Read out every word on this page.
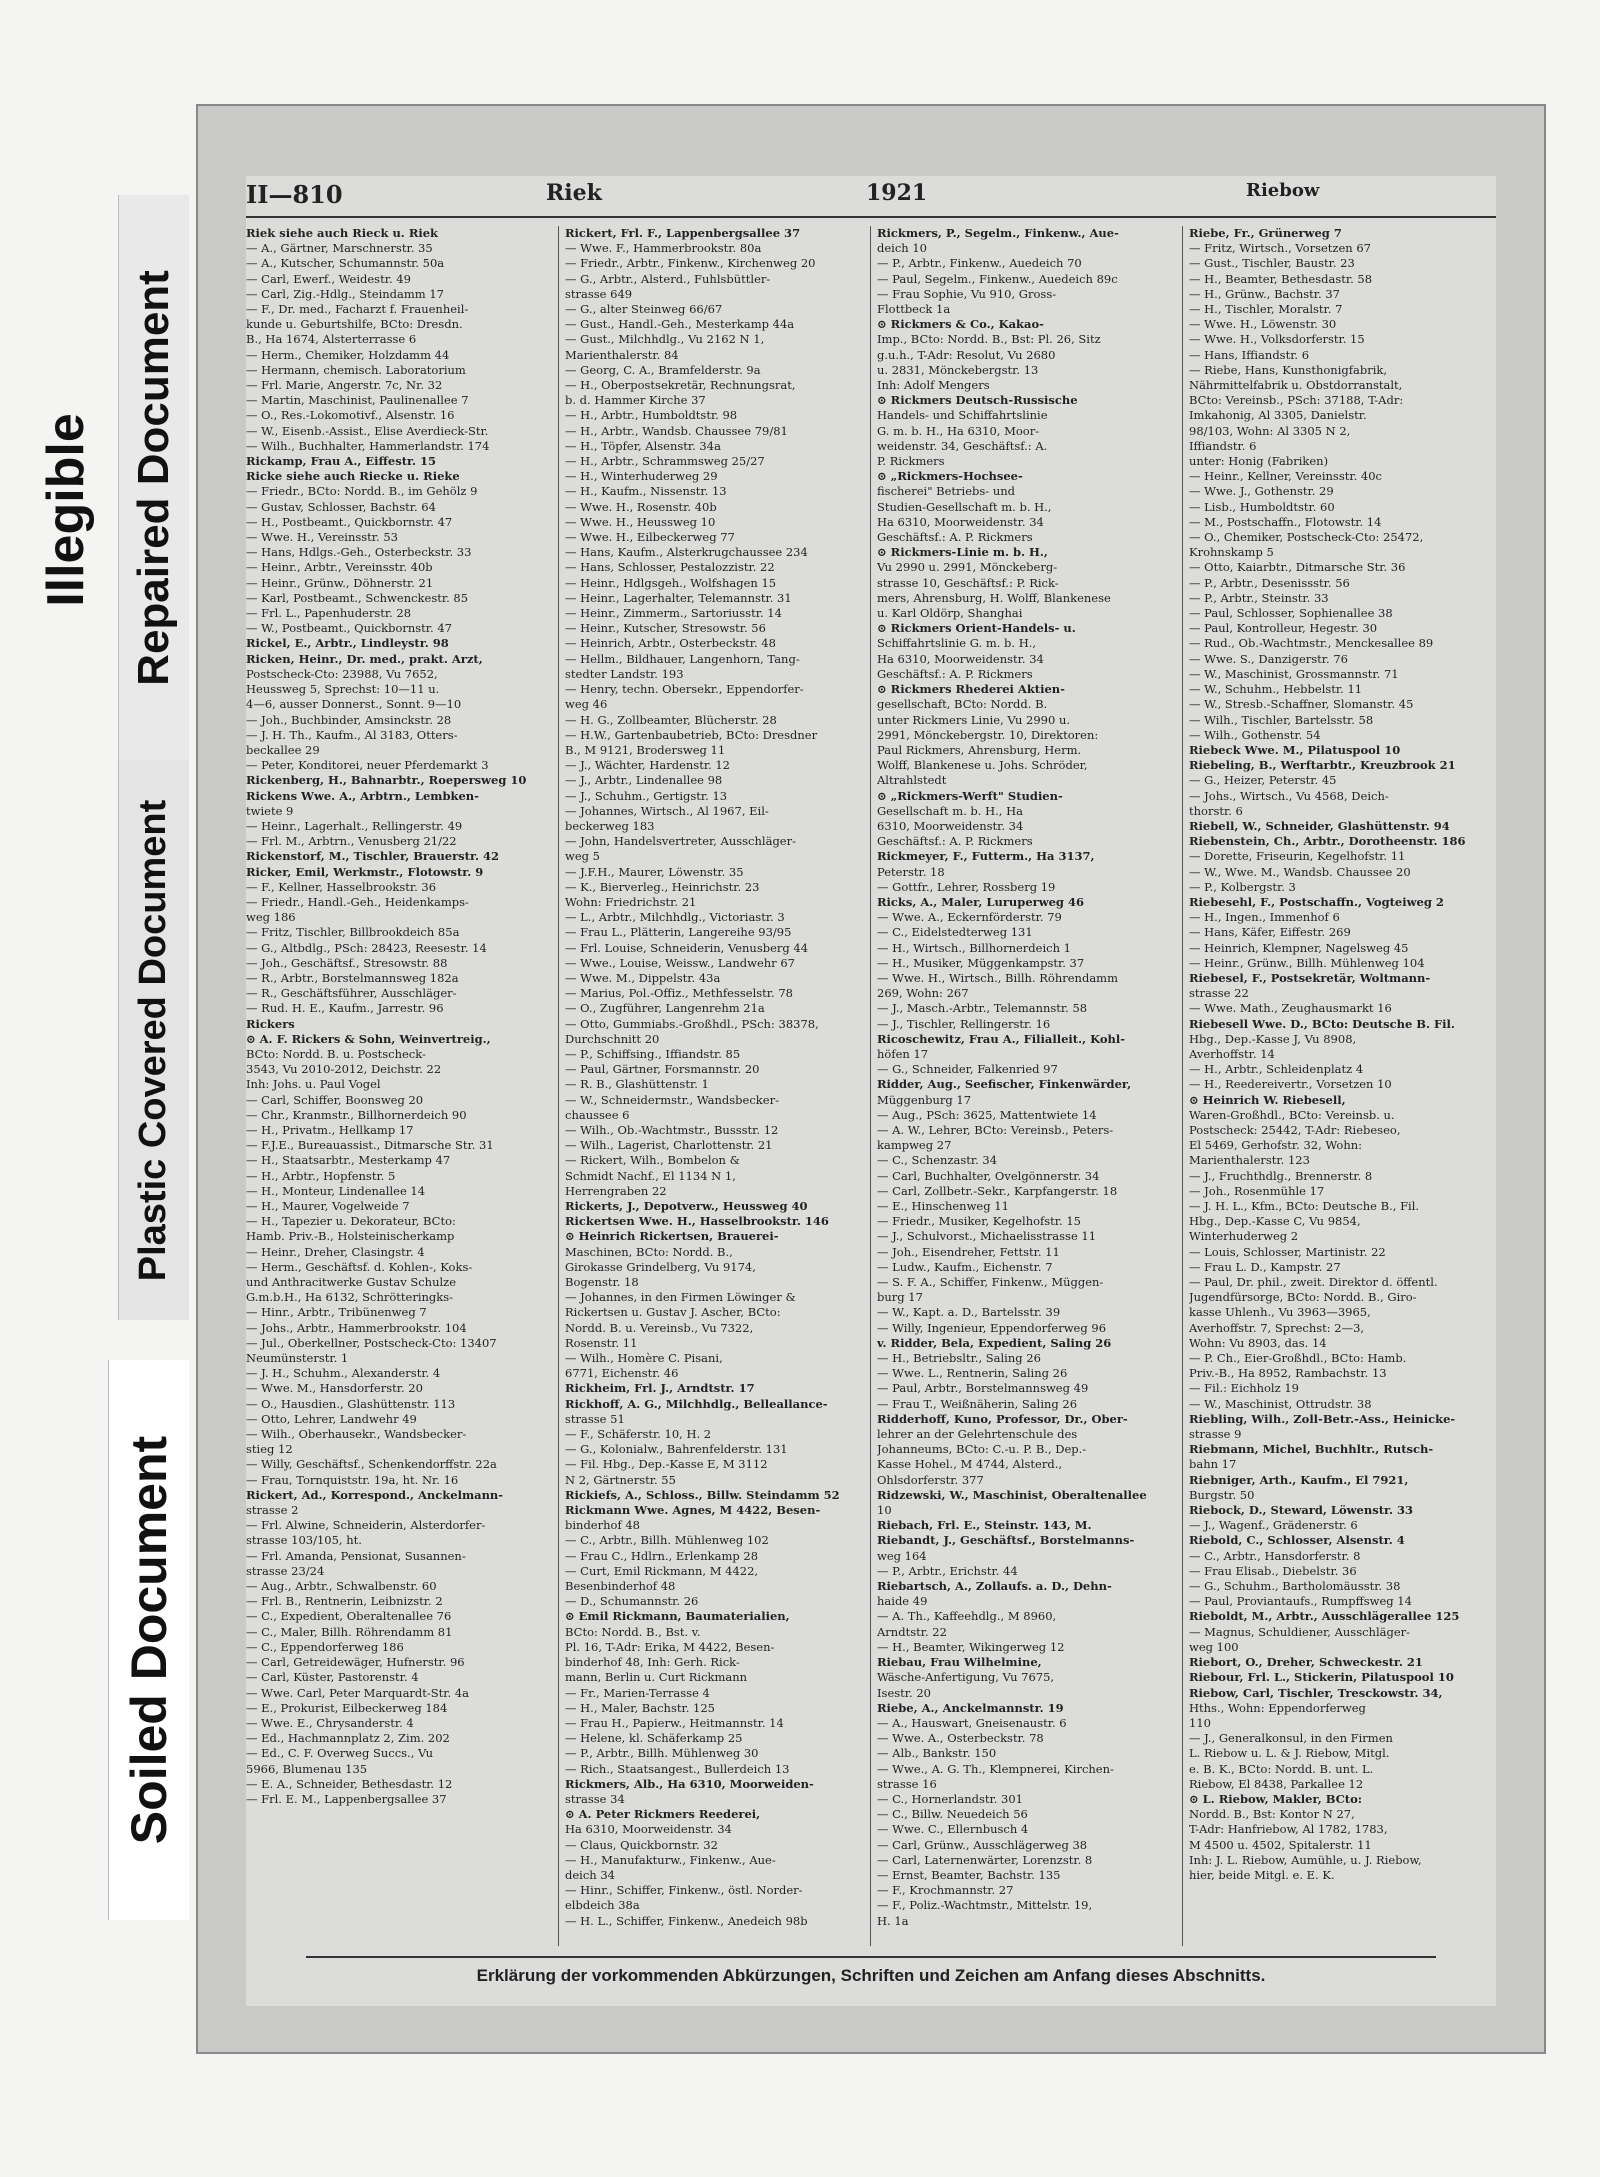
Illegible Repaired Document
Plastic Covered Document
Soiled Document
II—810	Riek	1921	Riebow
Riek siehe auch Rieck u. Riek
— A., Gärtner, Marschnerstr. 35
— A., Kutscher, Schumannstr. 50a
— Carl, Ewerf., Weidestr. 49
— Carl, Zig.-Hdlg., Steindamm 17
— F., Dr. med., Facharzt f. Frauenheil-
kunde u. Geburtshilfe, BCto: Dresdn.
B., Ha 1674, Alsterterrasse 6
— Herm., Chemiker, Holzdamm 44
— Hermann, chemisch. Laboratorium
— Frl. Marie, Angerstr. 7c, Nr. 32
— Martin, Maschinist, Paulinenallee 7
— O., Res.-Lokomotivf., Alsenstr. 16
— W., Eisenb.-Assist., Elise Averdieck-Str.
— Wilh., Buchhalter, Hammerlandstr. 174
Rickamp, Frau A., Eiffestr. 15
Ricke siehe auch Riecke u. Rieke
— Friedr., BCto: Nordd. B., im Gehölz 9
— Gustav, Schlosser, Bachstr. 64
— H., Postbeamt., Quickbornstr. 47
— Wwe. H., Vereinsstr. 53
— Hans, Hdlgs.-Geh., Osterbeckstr. 33
— Heinr., Arbtr., Vereinsstr. 40b
— Heinr., Grünw., Döhnerstr. 21
— Karl, Postbeamt., Schwenckestr. 85
— Frl. L., Papenhuderstr. 28
— W., Postbeamt., Quickbornstr. 47
Rickel, E., Arbtr., Lindleystr. 98
Ricken, Heinr., Dr. med., prakt. Arzt,
Postscheck-Cto: 23988, Vu 7652,
Heussweg 5, Sprechst: 10—11 u.
4—6, ausser Donnerst., Sonnt. 9—10
— Joh., Buchbinder, Amsinckstr. 28
— J. H. Th., Kaufm., Al 3183, Otters-
beckallee 29
— Peter, Konditorei, neuer Pferdemarkt 3
Rickenberg, H., Bahnarbtr., Roepersweg 10
Rickens Wwe. A., Arbtrn., Lembken-
twiete 9
— Heinr., Lagerhalt., Rellingerstr. 49
— Frl. M., Arbtrn., Venusberg 21/22
Rickenstorf, M., Tischler, Brauerstr. 42
Ricker, Emil, Werkmstr., Flotowstr. 9
— F., Kellner, Hasselbrookstr. 36
— Friedr., Handl.-Geh., Heidenkamps-
weg 186
— Fritz, Tischler, Billbrookdeich 85a
— G., Altbdlg., PSch: 28423, Reesestr. 14
— Joh., Geschäftsf., Stresowstr. 88
— R., Arbtr., Borstelmannsweg 182a
— R., Geschäftsführer, Ausschläger-
— Rud. H. E., Kaufm., Jarrestr. 96
Rickers
⊙ A. F. Rickers & Sohn, Weinvertreig.,
BCto: Nordd. B. u. Postscheck-
3543, Vu 2010-2012, Deichstr. 22
Inh: Johs. u. Paul Vogel
— Carl, Schiffer, Boonsweg 20
— Chr., Kranmstr., Billhornerdeich 90
— H., Privatm., Hellkamp 17
— F.J.E., Bureauassist., Ditmarsche Str. 31
— H., Staatsarbtr., Mesterkamp 47
— H., Arbtr., Hopfenstr. 5
— H., Monteur, Lindenallee 14
— H., Maurer, Vogelweide 7
— H., Tapezier u. Dekorateur, BCto:
Hamb. Priv.-B., Holsteinischerkamp
— Heinr., Dreher, Clasingstr. 4
— Herm., Geschäftsf. d. Kohlen-, Koks-
und Anthracitwerke Gustav Schulze
G.m.b.H., Ha 6132, Schrötteringks-
— Hinr., Arbtr., Tribünenweg 7
— Johs., Arbtr., Hammerbrookstr. 104
— Jul., Oberkellner, Postscheck-Cto: 13407
Neumünsterstr. 1
— J. H., Schuhm., Alexanderstr. 4
— Wwe. M., Hansdorferstr. 20
— O., Hausdien., Glashüttenstr. 113
— Otto, Lehrer, Landwehr 49
— Wilh., Oberhausekr., Wandsbecker-
stieg 12
— Willy, Geschäftsf., Schenkendorffstr. 22a
— Frau, Tornquiststr. 19a, ht. Nr. 16
Rickert, Ad., Korrespond., Anckelmann-
strasse 2
— Frl. Alwine, Schneiderin, Alsterdorfer-
strasse 103/105, ht.
— Frl. Amanda, Pensionat, Susannen-
strasse 23/24
— Aug., Arbtr., Schwalbenstr. 60
— Frl. B., Rentnerin, Leibnizstr. 2
— C., Expedient, Oberaltenallee 76
— C., Maler, Billh. Röhrendamm 81
— C., Eppendorferweg 186
— Carl, Getreidewäger, Hufnerstr. 96
— Carl, Küster, Pastorenstr. 4
— Wwe. Carl, Peter Marquardt-Str. 4a
— E., Prokurist, Eilbeckerweg 184
— Wwe. E., Chrysanderstr. 4
— Ed., Hachmannplatz 2, Zim. 202
— Ed., C. F. Overweg Succs., Vu
5966, Blumenau 135
— E. A., Schneider, Bethesdastr. 12
— Frl. E. M., Lappenbergsallee 37
Rickert, Frl. F., Lappenbergsallee 37
— Wwe. F., Hammerbrookstr. 80a
— Friedr., Arbtr., Finkenw., Kirchenweg 20
— G., Arbtr., Alsterd., Fuhlsbüttler-
strasse 649
— G., alter Steinweg 66/67
— Gust., Handl.-Geh., Mesterkamp 44a
— Gust., Milchhdlg., Vu 2162 N 1,
Marienthalerstr. 84
— Georg, C. A., Bramfelderstr. 9a
— H., Oberpostsekretär, Rechnungsrat,
b. d. Hammer Kirche 37
— H., Arbtr., Humboldtstr. 98
— H., Arbtr., Wandsb. Chaussee 79/81
— H., Töpfer, Alsenstr. 34a
— H., Arbtr., Schrammsweg 25/27
— H., Winterhuderweg 29
— H., Kaufm., Nissenstr. 13
— Wwe. H., Rosenstr. 40b
— Wwe. H., Heussweg 10
— Wwe. H., Eilbeckerweg 77
— Hans, Kaufm., Alsterkrugchaussee 234
— Hans, Schlosser, Pestalozzistr. 22
— Heinr., Hdlgsgeh., Wolfshagen 15
— Heinr., Lagerhalter, Telemannstr. 31
— Heinr., Zimmerm., Sartoriusstr. 14
— Heinr., Kutscher, Stresowstr. 56
— Heinrich, Arbtr., Osterbeckstr. 48
— Hellm., Bildhauer, Langenhorn, Tang-
stedter Landstr. 193
— Henry, techn. Obersekr., Eppendorfer-
weg 46
— H. G., Zollbeamter, Blücherstr. 28
— H.W., Gartenbaubetrieb, BCto: Dresdner
B., M 9121, Brodersweg 11
— J., Wächter, Hardenstr. 12
— J., Arbtr., Lindenallee 98
— J., Schuhm., Gertigstr. 13
— Johannes, Wirtsch., Al 1967, Eil-
beckerweg 183
— John, Handelsvertreter, Ausschläger-
weg 5
— J.F.H., Maurer, Löwenstr. 35
— K., Bierverleg., Heinrichstr. 23
Wohn: Friedrichstr. 21
— L., Arbtr., Milchhdlg., Victoriastr. 3
— Frau L., Plätterin, Langereihe 93/95
— Frl. Louise, Schneiderin, Venusberg 44
— Wwe., Louise, Weissw., Landwehr 67
— Wwe. M., Dippelstr. 43a
— Marius, Pol.-Offiz., Methfesselstr. 78
— O., Zugführer, Langenrehm 21a
— Otto, Gummiabs.-Großhdl., PSch: 38378,
Durchschnitt 20
— P., Schiffsing., Iffiandstr. 85
— Paul, Gärtner, Forsmannstr. 20
— R. B., Glashüttenstr. 1
— W., Schneidermstr., Wandsbecker-
chaussee 6
— Wilh., Ob.-Wachtmstr., Bussstr. 12
— Wilh., Lagerist, Charlottenstr. 21
— Rickert, Wilh., Bombelon &
Schmidt Nachf., El 1134 N 1,
Herrengraben 22
Rickerts, J., Depotverw., Heussweg 40
Rickertsen Wwe. H., Hasselbrookstr. 146
⊙ Heinrich Rickertsen, Brauerei-
Maschinen, BCto: Nordd. B.,
Girokasse Grindelberg, Vu 9174,
Bogenstr. 18
— Johannes, in den Firmen Löwinger &
Rickertsen u. Gustav J. Ascher, BCto:
Nordd. B. u. Vereinsb., Vu 7322,
Rosenstr. 11
— Wilh., Homère C. Pisani,
6771, Eichenstr. 46
Rickheim, Frl. J., Arndtstr. 17
Rickhoff, A. G., Milchhdlg., Belleallance-
strasse 51
— F., Schäferstr. 10, H. 2
— G., Kolonialw., Bahrenfelderstr. 131
— Fil. Hbg., Dep.-Kasse E, M 3112
N 2, Gärtnerstr. 55
Rickiefs, A., Schloss., Billw. Steindamm 52
Rickmann Wwe. Agnes, M 4422, Besen-
binderhof 48
— C., Arbtr., Billh. Mühlenweg 102
— Frau C., Hdlrn., Erlenkamp 28
— Curt, Emil Rickmann, M 4422,
Besenbinderhof 48
— D., Schumannstr. 26
⊙ Emil Rickmann, Baumaterialien,
BCto: Nordd. B., Bst. v.
Pl. 16, T-Adr: Erika, M 4422, Besen-
binderhof 48, Inh: Gerh. Rick-
mann, Berlin u. Curt Rickmann
— Fr., Marien-Terrasse 4
— H., Maler, Bachstr. 125
— Frau H., Papierw., Heitmannstr. 14
— Helene, kl. Schäferkamp 25
— P., Arbtr., Billh. Mühlenweg 30
— Rich., Staatsangest., Bullerdeich 13
Rickmers, Alb., Ha 6310, Moorweiden-
strasse 34
⊙ A. Peter Rickmers Reederei,
Ha 6310, Moorweidenstr. 34
— Claus, Quickbornstr. 32
— H., Manufakturw., Finkenw., Aue-
deich 34
— Hinr., Schiffer, Finkenw., östl. Norder-
elbdeich 38a
— H. L., Schiffer, Finkenw., Anedeich 98b
Rickmers, P., Segelm., Finkenw., Aue-
deich 10
— P., Arbtr., Finkenw., Auedeich 70
— Paul, Segelm., Finkenw., Auedeich 89c
— Frau Sophie, Vu 910, Gross-
Flottbeck 1a
⊙ Rickmers & Co., Kakao-
Imp., BCto: Nordd. B., Bst: Pl. 26, Sitz
g.u.h., T-Adr: Resolut, Vu 2680
u. 2831, Mönckebergstr. 13
Inh: Adolf Mengers
⊙ Rickmers Deutsch-Russische
Handels- und Schiffahrtslinie
G. m. b. H., Ha 6310, Moor-
weidenstr. 34, Geschäftsf.: A.
P. Rickmers
⊙ „Rickmers-Hochsee-
fischerei" Betriebs- und
Studien-Gesellschaft m. b. H.,
Ha 6310, Moorweidenstr. 34
Geschäftsf.: A. P. Rickmers
⊙ Rickmers-Linie m. b. H.,
Vu 2990 u. 2991, Mönckeberg-
strasse 10, Geschäftsf.: P. Rick-
mers, Ahrensburg, H. Wolff, Blankenese
u. Karl Oldörp, Shanghai
⊙ Rickmers Orient-Handels- u.
Schiffahrtslinie G. m. b. H.,
Ha 6310, Moorweidenstr. 34
Geschäftsf.: A. P. Rickmers
⊙ Rickmers Rhederei Aktien-
gesellschaft, BCto: Nordd. B.
unter Rickmers Linie, Vu 2990 u.
2991, Mönckebergstr. 10, Direktoren:
Paul Rickmers, Ahrensburg, Herm.
Wolff, Blankenese u. Johs. Schröder,
Altrahlstedt
⊙ „Rickmers-Werft" Studien-
Gesellschaft m. b. H., Ha
6310, Moorweidenstr. 34
Geschäftsf.: A. P. Rickmers
Rickmeyer, F., Futterm., Ha 3137,
Peterstr. 18
— Gottfr., Lehrer, Rossberg 19
Ricks, A., Maler, Luruperweg 46
— Wwe. A., Eckernförderstr. 79
— C., Eidelstedterweg 131
— H., Wirtsch., Billhornerdeich 1
— H., Musiker, Müggenkampstr. 37
— Wwe. H., Wirtsch., Billh. Röhrendamm
269, Wohn: 267
— J., Masch.-Arbtr., Telemannstr. 58
— J., Tischler, Rellingerstr. 16
Ricoschewitz, Frau A., Filialleit., Kohl-
höfen 17
— G., Schneider, Falkenried 97
Ridder, Aug., Seefischer, Finkenwärder,
Müggenburg 17
— Aug., PSch: 3625, Mattentwiete 14
— A. W., Lehrer, BCto: Vereinsb., Peters-
kampweg 27
— C., Schenzastr. 34
— Carl, Buchhalter, Ovelgönnerstr. 34
— Carl, Zollbetr.-Sekr., Karpfangerstr. 18
— E., Hinschenweg 11
— Friedr., Musiker, Kegelhofstr. 15
— J., Schulvorst., Michaelisstrasse 11
— Joh., Eisendreher, Fettstr. 11
— Ludw., Kaufm., Eichenstr. 7
— S. F. A., Schiffer, Finkenw., Müggen-
burg 17
— W., Kapt. a. D., Bartelsstr. 39
— Willy, Ingenieur, Eppendorferweg 96
v. Ridder, Bela, Expedient, Saling 26
— H., Betriebsltr., Saling 26
— Wwe. L., Rentnerin, Saling 26
— Paul, Arbtr., Borstelmannsweg 49
— Frau T., Weißnäherin, Saling 26
Ridderhoff, Kuno, Professor, Dr., Ober-
lehrer an der Gelehrtenschule des
Johanneums, BCto: C.-u. P. B., Dep.-
Kasse Hohel., M 4744, Alsterd.,
Ohlsdorferstr. 377
Ridzewski, W., Maschinist, Oberaltenallee
10
Riebach, Frl. E., Steinstr. 143, M.
Riebandt, J., Geschäftsf., Borstelmanns-
weg 164
— P., Arbtr., Erichstr. 44
Riebartsch, A., Zollaufs. a. D., Dehn-
haide 49
— A. Th., Kaffeehdlg., M 8960,
Arndtstr. 22
— H., Beamter, Wikingerweg 12
Riebau, Frau Wilhelmine,
Wäsche-Anfertigung, Vu 7675,
Isestr. 20
Riebe, A., Anckelmannstr. 19
— A., Hauswart, Gneisenaustr. 6
— Wwe. A., Osterbeckstr. 78
— Alb., Bankstr. 150
— Wwe., A. G. Th., Klempnerei, Kirchen-
strasse 16
— C., Hornerlandstr. 301
— C., Billw. Neuedeich 56
— Wwe. C., Ellernbusch 4
— Carl, Grünw., Ausschlägerweg 38
— Carl, Laternenwärter, Lorenzstr. 8
— Ernst, Beamter, Bachstr. 135
— F., Krochmannstr. 27
— F., Poliz.-Wachtmstr., Mittelstr. 19,
H. 1a
Riebe, Fr., Grünerweg 7
— Fritz, Wirtsch., Vorsetzen 67
— Gust., Tischler, Baustr. 23
— H., Beamter, Bethesdastr. 58
— H., Grünw., Bachstr. 37
— H., Tischler, Moralstr. 7
— Wwe. H., Löwenstr. 30
— Wwe. H., Volksdorferstr. 15
— Hans, Iffiandstr. 6
— Riebe, Hans, Kunsthonigfabrik,
Nährmittelfabrik u. Obstdorranstalt,
BCto: Vereinsb., PSch: 37188, T-Adr:
Imkahonig, Al 3305, Danielstr.
98/103, Wohn: Al 3305 N 2,
Iffiandstr. 6
unter: Honig (Fabriken)
— Heinr., Kellner, Vereinsstr. 40c
— Wwe. J., Gothenstr. 29
— Lisb., Humboldtstr. 60
— M., Postschaffn., Flotowstr. 14
— O., Chemiker, Postscheck-Cto: 25472,
Krohnskamp 5
— Otto, Kaiarbtr., Ditmarsche Str. 36
— P., Arbtr., Desenissstr. 56
— P., Arbtr., Steinstr. 33
— Paul, Schlosser, Sophienallee 38
— Paul, Kontrolleur, Hegestr. 30
— Rud., Ob.-Wachtmstr., Menckesallee 89
— Wwe. S., Danzigerstr. 76
— W., Maschinist, Grossmannstr. 71
— W., Schuhm., Hebbelstr. 11
— W., Stresb.-Schaffner, Slomanstr. 45
— Wilh., Tischler, Bartelsstr. 58
— Wilh., Gothenstr. 54
Riebeck Wwe. M., Pilatuspool 10
Riebeling, B., Werftarbtr., Kreuzbrook 21
— G., Heizer, Peterstr. 45
— Johs., Wirtsch., Vu 4568, Deich-
thorstr. 6
Riebell, W., Schneider, Glashüttenstr. 94
Riebenstein, Ch., Arbtr., Dorotheenstr. 186
— Dorette, Friseurin, Kegelhofstr. 11
— W., Wwe. M., Wandsb. Chaussee 20
— P., Kolbergstr. 3
Riebesehl, F., Postschaffn., Vogteiweg 2
— H., Ingen., Immenhof 6
— Hans, Käfer, Eiffestr. 269
— Heinrich, Klempner, Nagelsweg 45
— Heinr., Grünw., Billh. Mühlenweg 104
Riebesel, F., Postsekretär, Woltmann-
strasse 22
— Wwe. Math., Zeughausmarkt 16
Riebesell Wwe. D., BCto: Deutsche B. Fil.
Hbg., Dep.-Kasse J, Vu 8908,
Averhoffstr. 14
— H., Arbtr., Schleidenplatz 4
— H., Reedereivertr., Vorsetzen 10
⊙ Heinrich W. Riebesell,
Waren-Großhdl., BCto: Vereinsb. u.
Postscheck: 25442, T-Adr: Riebeseo,
El 5469, Gerhofstr. 32, Wohn:
Marienthalerstr. 123
— J., Fruchthdlg., Brennerstr. 8
— Joh., Rosenmühle 17
— J. H. L., Kfm., BCto: Deutsche B., Fil.
Hbg., Dep.-Kasse C, Vu 9854,
Winterhuderweg 2
— Louis, Schlosser, Martinistr. 22
— Frau L. D., Kampstr. 27
— Paul, Dr. phil., zweit. Direktor d. öffentl.
Jugendfürsorge, BCto: Nordd. B., Giro-
kasse Uhlenh., Vu 3963—3965,
Averhoffstr. 7, Sprechst: 2—3,
Wohn: Vu 8903, das. 14
— P. Ch., Eier-Großhdl., BCto: Hamb.
Priv.-B., Ha 8952, Rambachstr. 13
— Fil.: Eichholz 19
— W., Maschinist, Ottrudstr. 38
Riebling, Wilh., Zoll-Betr.-Ass., Heinicke-
strasse 9
Riebmann, Michel, Buchhltr., Rutsch-
bahn 17
Riebniger, Arth., Kaufm., El 7921,
Burgstr. 50
Riebock, D., Steward, Löwenstr. 33
— J., Wagenf., Grädenerstr. 6
Riebold, C., Schlosser, Alsenstr. 4
— C., Arbtr., Hansdorferstr. 8
— Frau Elisab., Diebelstr. 36
— G., Schuhm., Bartholomäusstr. 38
— Paul, Proviantaufs., Rumpffsweg 14
Rieboldt, M., Arbtr., Ausschlägerallee 125
— Magnus, Schuldiener, Ausschläger-
weg 100
Riebort, O., Dreher, Schweckestr. 21
Riebour, Frl. L., Stickerin, Pilatuspool 10
Riebow, Carl, Tischler, Tresckowstr. 34,
Hths., Wohn: Eppendorferweg
110
— J., Generalkonsul, in den Firmen
L. Riebow u. L. & J. Riebow, Mitgl.
e. B. K., BCto: Nordd. B. unt. L.
Riebow, El 8438, Parkallee 12
⊙ L. Riebow, Makler, BCto:
Nordd. B., Bst: Kontor N 27,
T-Adr: Hanfriebow, Al 1782, 1783,
M 4500 u. 4502, Spitalerstr. 11
Inh: J. L. Riebow, Aumühle, u. J. Riebow,
hier, beide Mitgl. e. E. K.
Erklärung der vorkommenden Abkürzungen, Schriften und Zeichen am Anfang dieses Abschnitts.
